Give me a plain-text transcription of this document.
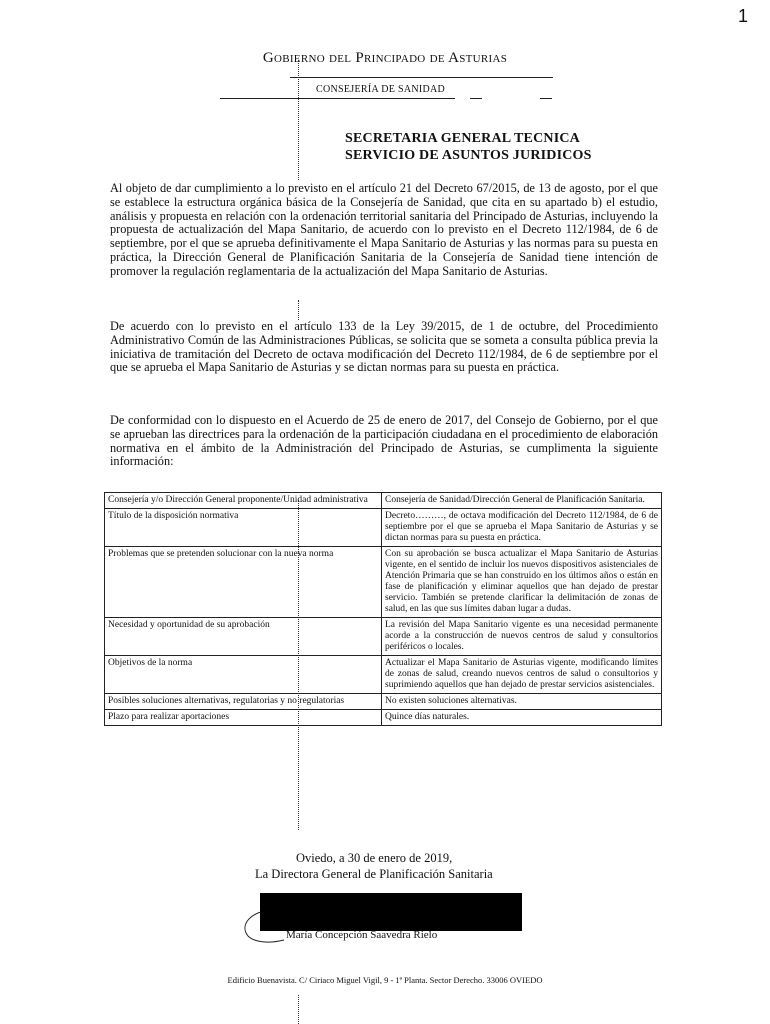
1
Gobierno del Principado de Asturias
CONSEJERÍA DE SANIDAD
SECRETARIA GENERAL TECNICA
SERVICIO DE ASUNTOS JURIDICOS
Al objeto de dar cumplimiento a lo previsto en el artículo 21 del Decreto 67/2015, de 13 de agosto, por el que se establece la estructura orgánica básica de la Consejería de Sanidad, que cita en su apartado b) el estudio, análisis y propuesta en relación con la ordenación territorial sanitaria del Principado de Asturias, incluyendo la propuesta de actualización del Mapa Sanitario, de acuerdo con lo previsto en el Decreto 112/1984, de 6 de septiembre, por el que se aprueba definitivamente el Mapa Sanitario de Asturias y las normas para su puesta en práctica, la Dirección General de Planificación Sanitaria de la Consejería de Sanidad tiene intención de promover la regulación reglamentaria de la actualización del Mapa Sanitario de Asturias.
De acuerdo con lo previsto en el artículo 133 de la Ley 39/2015, de 1 de octubre, del Procedimiento Administrativo Común de las Administraciones Públicas, se solicita que se someta a consulta pública previa la iniciativa de tramitación del Decreto de octava modificación del Decreto 112/1984, de 6 de septiembre por el que se aprueba el Mapa Sanitario de Asturias y se dictan normas para su puesta en práctica.
De conformidad con lo dispuesto en el Acuerdo de 25 de enero de 2017, del Consejo de Gobierno, por el que se aprueban las directrices para la ordenación de la participación ciudadana en el procedimiento de elaboración normativa en el ámbito de la Administración del Principado de Asturias, se cumplimenta la siguiente información:
Consejería y/o Dirección General proponente/Unidad administrativa	Consejería de Sanidad/Dirección General de Planificación Sanitaria.
Título de la disposición normativa	Decreto………, de octava modificación del Decreto 112/1984, de 6 de septiembre por el que se aprueba el Mapa Sanitario de Asturias y se dictan normas para su puesta en práctica.
Problemas que se pretenden solucionar con la nueva norma	Con su aprobación se busca actualizar el Mapa Sanitario de Asturias vigente, en el sentido de incluir los nuevos dispositivos asistenciales de Atención Primaria que se han construido en los últimos años o están en fase de planificación y eliminar aquellos que han dejado de prestar servicio. También se pretende clarificar la delimitación de zonas de salud, en las que sus límites daban lugar a dudas.
Necesidad y oportunidad de su aprobación	La revisión del Mapa Sanitario vigente es una necesidad permanente acorde a la construcción de nuevos centros de salud y consultorios periféricos o locales.
Objetivos de la norma	Actualizar el Mapa Sanitario de Asturias vigente, modificando límites de zonas de salud, creando nuevos centros de salud o consultorios y suprimiendo aquellos que han dejado de prestar servicios asistenciales.
Posibles soluciones alternativas, regulatorias y no regulatorias	No existen soluciones alternativas.
Plazo para realizar aportaciones	Quince días naturales.
Oviedo, a 30 de enero de 2019,
La Directora General de Planificación Sanitaria
María Concepción Saavedra Rielo
Edificio Buenavista. C/ Ciriaco Miguel Vigil, 9 - 1ª Planta. Sector Derecho. 33006 OVIEDO
